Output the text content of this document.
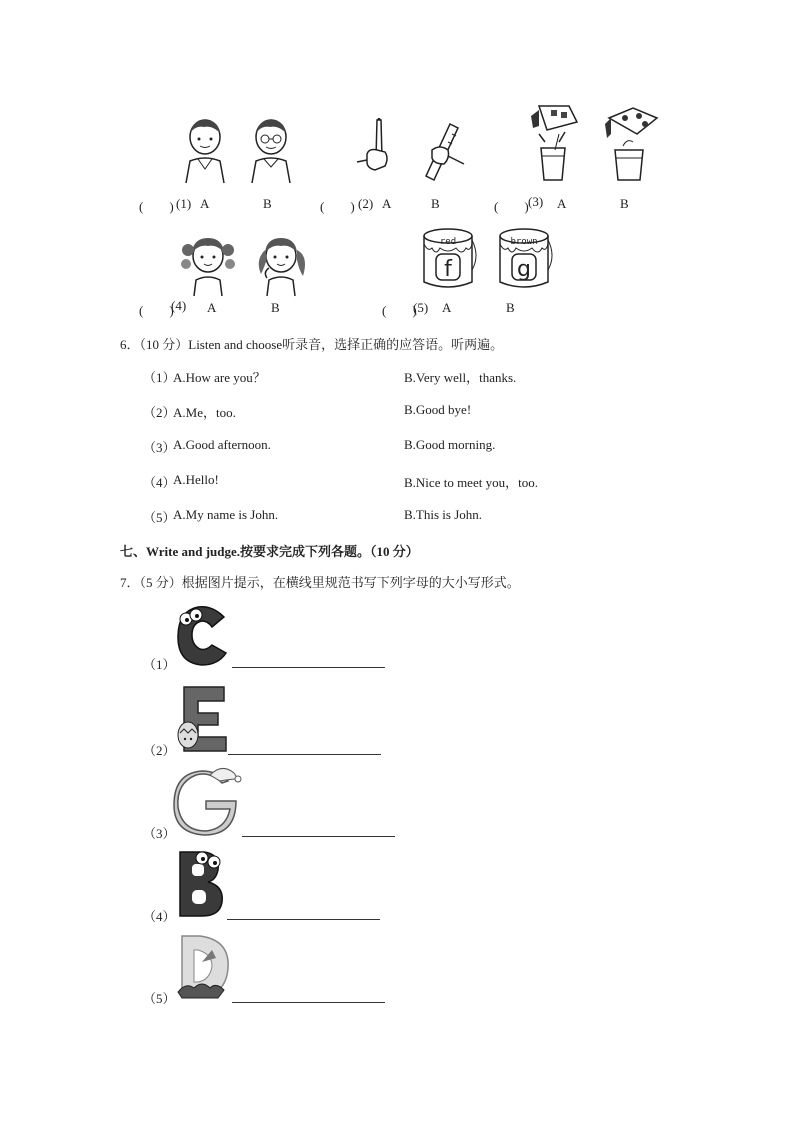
(　　) (1) A	B	(　　) (2) A	B	(　　) (3) A	B
red
f
brown
g
(　　)
(4) A	B	(　　)
(5) A	B
6．（10 分）Listen and choose听录音，选择正确的应答语。听两遍。
（1）
A.How are you？	B.Very well，thanks.
（2）
A.Me，too.	B.Good bye!
（3）
A.Good afternoon.	B.Good morning.
（4）
A.Hello!	B.Nice to meet you，too.
（5）
A.My name is John.	B.This is John.
七、Write and judge.按要求完成下列各题。（10 分）
7．（5 分）根据图片提示，在横线里规范书写下列字母的大小写形式。
（1）
（2）
（3）
（4）
（5）
